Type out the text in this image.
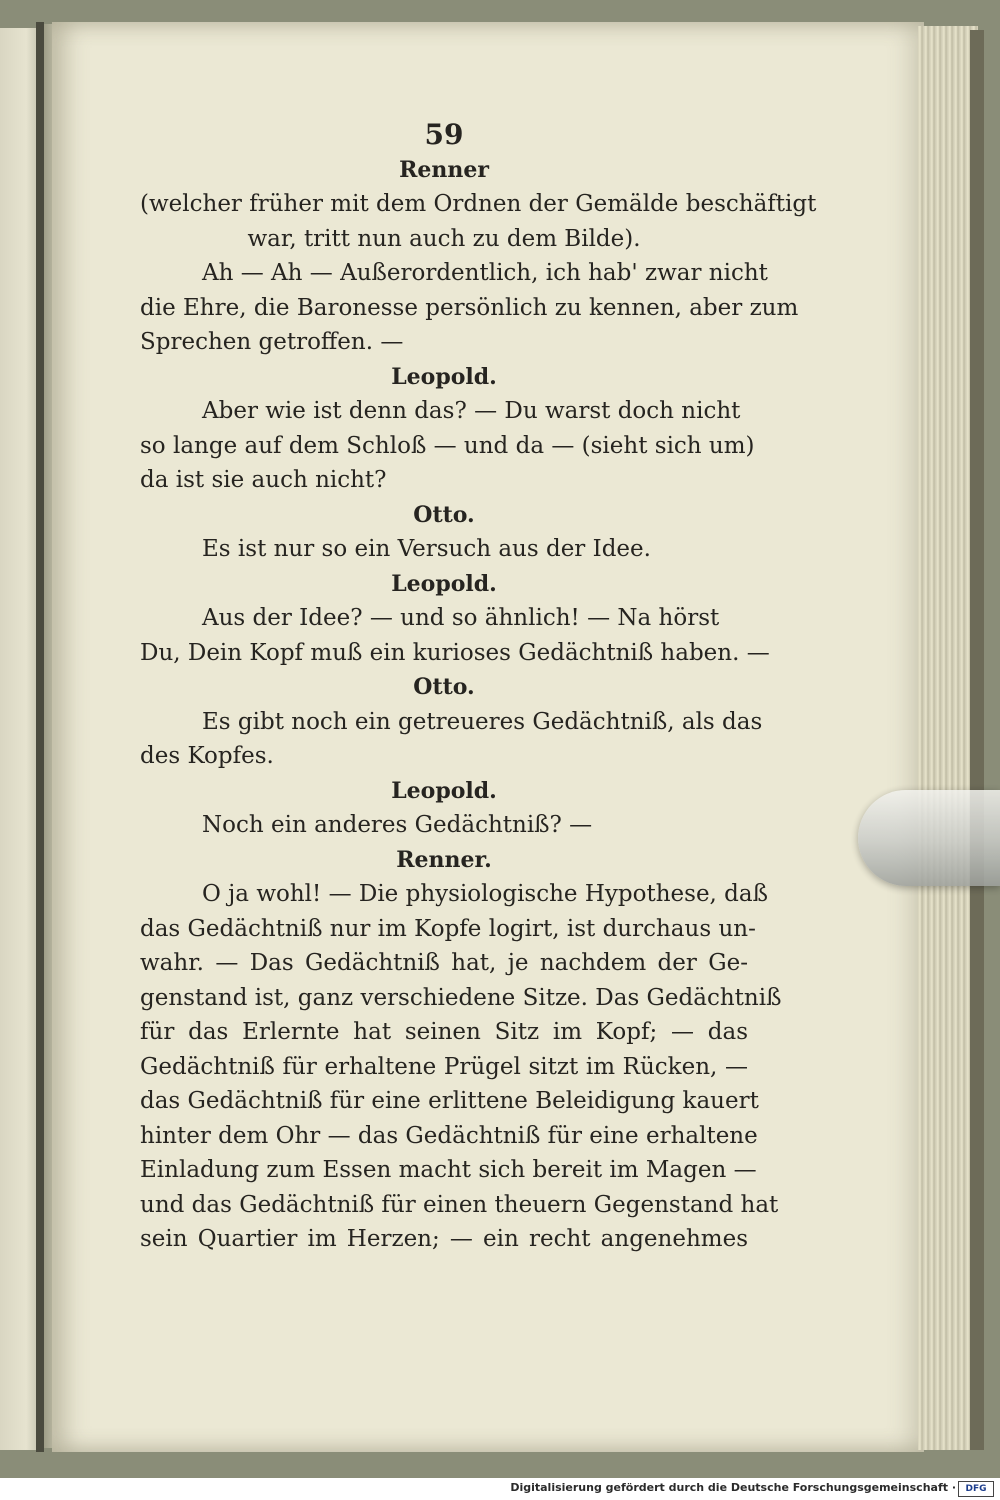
59
Renner
(welcher früher mit dem Ordnen der Gemälde beschäftigt
war, tritt nun auch zu dem Bilde).
Ah — Ah — Außerordentlich, ich hab' zwar nicht
die Ehre, die Baronesse persönlich zu kennen, aber zum
Sprechen getroffen. —
Leopold.
Aber wie ist denn das? — Du warst doch nicht
so lange auf dem Schloß — und da — (sieht sich um)
da ist sie auch nicht?
Otto.
Es ist nur so ein Versuch aus der Idee.
Leopold.
Aus der Idee? — und so ähnlich! — Na hörst
Du, Dein Kopf muß ein kurioses Gedächtniß haben. —
Otto.
Es gibt noch ein getreueres Gedächtniß, als das
des Kopfes.
Leopold.
Noch ein anderes Gedächtniß? —
Renner.
O ja wohl! — Die physiologische Hypothese, daß
das Gedächtniß nur im Kopfe logirt, ist durchaus un-
wahr. — Das Gedächtniß hat, je nachdem der Ge-
genstand ist, ganz verschiedene Sitze. Das Gedächtniß
für das Erlernte hat seinen Sitz im Kopf; — das
Gedächtniß für erhaltene Prügel sitzt im Rücken, —
das Gedächtniß für eine erlittene Beleidigung kauert
hinter dem Ohr — das Gedächtniß für eine erhaltene
Einladung zum Essen macht sich bereit im Magen —
und das Gedächtniß für einen theuern Gegenstand hat
sein Quartier im Herzen; — ein recht angenehmes
Digitalisierung gefördert durch die Deutsche Forschungsgemeinschaft ·	DFG
